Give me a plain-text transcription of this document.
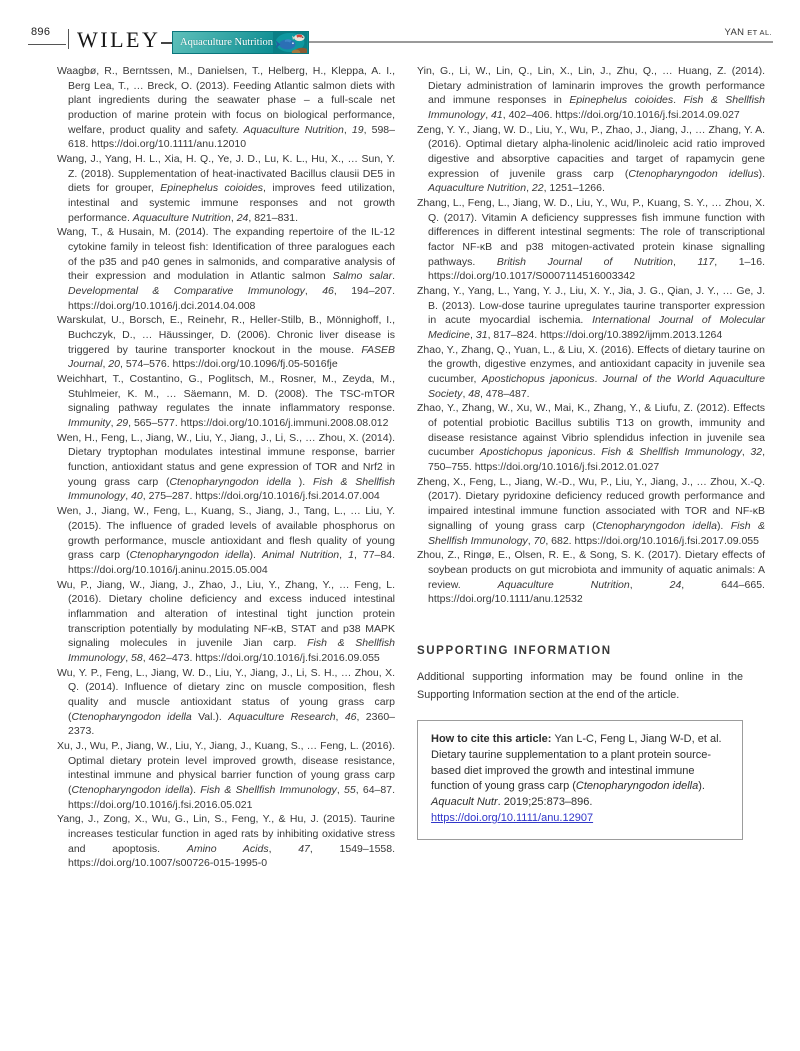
896 WILEY	Aquaculture Nutrition
YAN ET AL.

Waagbø, R., Berntssen, M., Danielsen, T., Helberg, H., Kleppa, A. I., Berg Lea, T., … Breck, O. (2013). Feeding Atlantic salmon diets with plant ingredients during the seawater phase – a full-scale net production of marine protein with focus on biological performance, welfare, product quality and safety. Aquaculture Nutrition, 19, 598–618. https://doi.org/10.1111/anu.12010

Wang, J., Yang, H. L., Xia, H. Q., Ye, J. D., Lu, K. L., Hu, X., … Sun, Y. Z. (2018). Supplementation of heat-inactivated Bacillus clausii DE5 in diets for grouper, Epinephelus coioides, improves feed utilization, intestinal and systemic immune responses and not growth performance. Aquaculture Nutrition, 24, 821–831.

Wang, T., & Husain, M. (2014). The expanding repertoire of the IL-12 cytokine family in teleost fish: Identification of three paralogues each of the p35 and p40 genes in salmonids, and comparative analysis of their expression and modulation in Atlantic salmon Salmo salar. Developmental & Comparative Immunology, 46, 194–207. https://doi.org/10.1016/j.dci.2014.04.008

Warskulat, U., Borsch, E., Reinehr, R., Heller-Stilb, B., Mönnighoff, I., Buchczyk, D., … Häussinger, D. (2006). Chronic liver disease is triggered by taurine transporter knockout in the mouse. FASEB Journal, 20, 574–576. https://doi.org/10.1096/fj.05-5016fje

Weichhart, T., Costantino, G., Poglitsch, M., Rosner, M., Zeyda, M., Stuhlmeier, K. M., … Säemann, M. D. (2008). The TSC-mTOR signaling pathway regulates the innate inflammatory response. Immunity, 29, 565–577. https://doi.org/10.1016/j.immuni.2008.08.012

Wen, H., Feng, L., Jiang, W., Liu, Y., Jiang, J., Li, S., … Zhou, X. (2014). Dietary tryptophan modulates intestinal immune response, barrier function, antioxidant status and gene expression of TOR and Nrf2 in young grass carp (Ctenopharyngodon idella ). Fish & Shellfish Immunology, 40, 275–287. https://doi.org/10.1016/j.fsi.2014.07.004

Wen, J., Jiang, W., Feng, L., Kuang, S., Jiang, J., Tang, L., … Liu, Y. (2015). The influence of graded levels of available phosphorus on growth performance, muscle antioxidant and flesh quality of young grass carp (Ctenopharyngodon idella). Animal Nutrition, 1, 77–84. https://doi.org/10.1016/j.aninu.2015.05.004

Wu, P., Jiang, W., Jiang, J., Zhao, J., Liu, Y., Zhang, Y., … Feng, L. (2016). Dietary choline deficiency and excess induced intestinal inflammation and alteration of intestinal tight junction protein transcription potentially by modulating NF-κB, STAT and p38 MAPK signaling molecules in juvenile Jian carp. Fish & Shellfish Immunology, 58, 462–473. https://doi.org/10.1016/j.fsi.2016.09.055

Wu, Y. P., Feng, L., Jiang, W. D., Liu, Y., Jiang, J., Li, S. H., … Zhou, X. Q. (2014). Influence of dietary zinc on muscle composition, flesh quality and muscle antioxidant status of young grass carp (Ctenopharyngodon idella Val.). Aquaculture Research, 46, 2360–2373.

Xu, J., Wu, P., Jiang, W., Liu, Y., Jiang, J., Kuang, S., … Feng, L. (2016). Optimal dietary protein level improved growth, disease resistance, intestinal immune and physical barrier function of young grass carp (Ctenopharyngodon idella). Fish & Shellfish Immunology, 55, 64–87. https://doi.org/10.1016/j.fsi.2016.05.021

Yang, J., Zong, X., Wu, G., Lin, S., Feng, Y., & Hu, J. (2015). Taurine increases testicular function in aged rats by inhibiting oxidative stress and apoptosis. Amino Acids, 47, 1549–1558. https://doi.org/10.1007/s00726-015-1995-0

Yin, G., Li, W., Lin, Q., Lin, X., Lin, J., Zhu, Q., … Huang, Z. (2014). Dietary administration of laminarin improves the growth performance and immune responses in Epinephelus coioides. Fish & Shellfish Immunology, 41, 402–406. https://doi.org/10.1016/j.fsi.2014.09.027

Zeng, Y. Y., Jiang, W. D., Liu, Y., Wu, P., Zhao, J., Jiang, J., … Zhang, Y. A. (2016). Optimal dietary alpha-linolenic acid/linoleic acid ratio improved digestive and absorptive capacities and target of rapamycin gene expression of juvenile grass carp (Ctenopharyngodon idellus). Aquaculture Nutrition, 22, 1251–1266.

Zhang, L., Feng, L., Jiang, W. D., Liu, Y., Wu, P., Kuang, S. Y., … Zhou, X. Q. (2017). Vitamin A deficiency suppresses fish immune function with differences in different intestinal segments: The role of transcriptional factor NF-κB and p38 mitogen-activated protein kinase signalling pathways. British Journal of Nutrition, 117, 1–16. https://doi.org/10.1017/S0007114516003342

Zhang, Y., Yang, L., Yang, Y. J., Liu, X. Y., Jia, J. G., Qian, J. Y., … Ge, J. B. (2013). Low-dose taurine upregulates taurine transporter expression in acute myocardial ischemia. International Journal of Molecular Medicine, 31, 817–824. https://doi.org/10.3892/ijmm.2013.1264

Zhao, Y., Zhang, Q., Yuan, L., & Liu, X. (2016). Effects of dietary taurine on the growth, digestive enzymes, and antioxidant capacity in juvenile sea cucumber, Apostichopus japonicus. Journal of the World Aquaculture Society, 48, 478–487.

Zhao, Y., Zhang, W., Xu, W., Mai, K., Zhang, Y., & Liufu, Z. (2012). Effects of potential probiotic Bacillus subtilis T13 on growth, immunity and disease resistance against Vibrio splendidus infection in juvenile sea cucumber Apostichopus japonicus. Fish & Shellfish Immunology, 32, 750–755. https://doi.org/10.1016/j.fsi.2012.01.027

Zheng, X., Feng, L., Jiang, W.-D., Wu, P., Liu, Y., Jiang, J., … Zhou, X.-Q. (2017). Dietary pyridoxine deficiency reduced growth performance and impaired intestinal immune function associated with TOR and NF-κB signalling of young grass carp (Ctenopharyngodon idella). Fish & Shellfish Immunology, 70, 682. https://doi.org/10.1016/j.fsi.2017.09.055

Zhou, Z., Ringø, E., Olsen, R. E., & Song, S. K. (2017). Dietary effects of soybean products on gut microbiota and immunity of aquatic animals: A review. Aquaculture Nutrition, 24, 644–665. https://doi.org/10.1111/anu.12532

SUPPORTING INFORMATION

Additional supporting information may be found online in the Supporting Information section at the end of the article.

How to cite this article: Yan L-C, Feng L, Jiang W-D, et al. Dietary taurine supplementation to a plant protein source-based diet improved the growth and intestinal immune function of young grass carp (Ctenopharyngodon idella). Aquacult Nutr. 2019;25:873–896. https://doi.org/10.1111/anu.12907
